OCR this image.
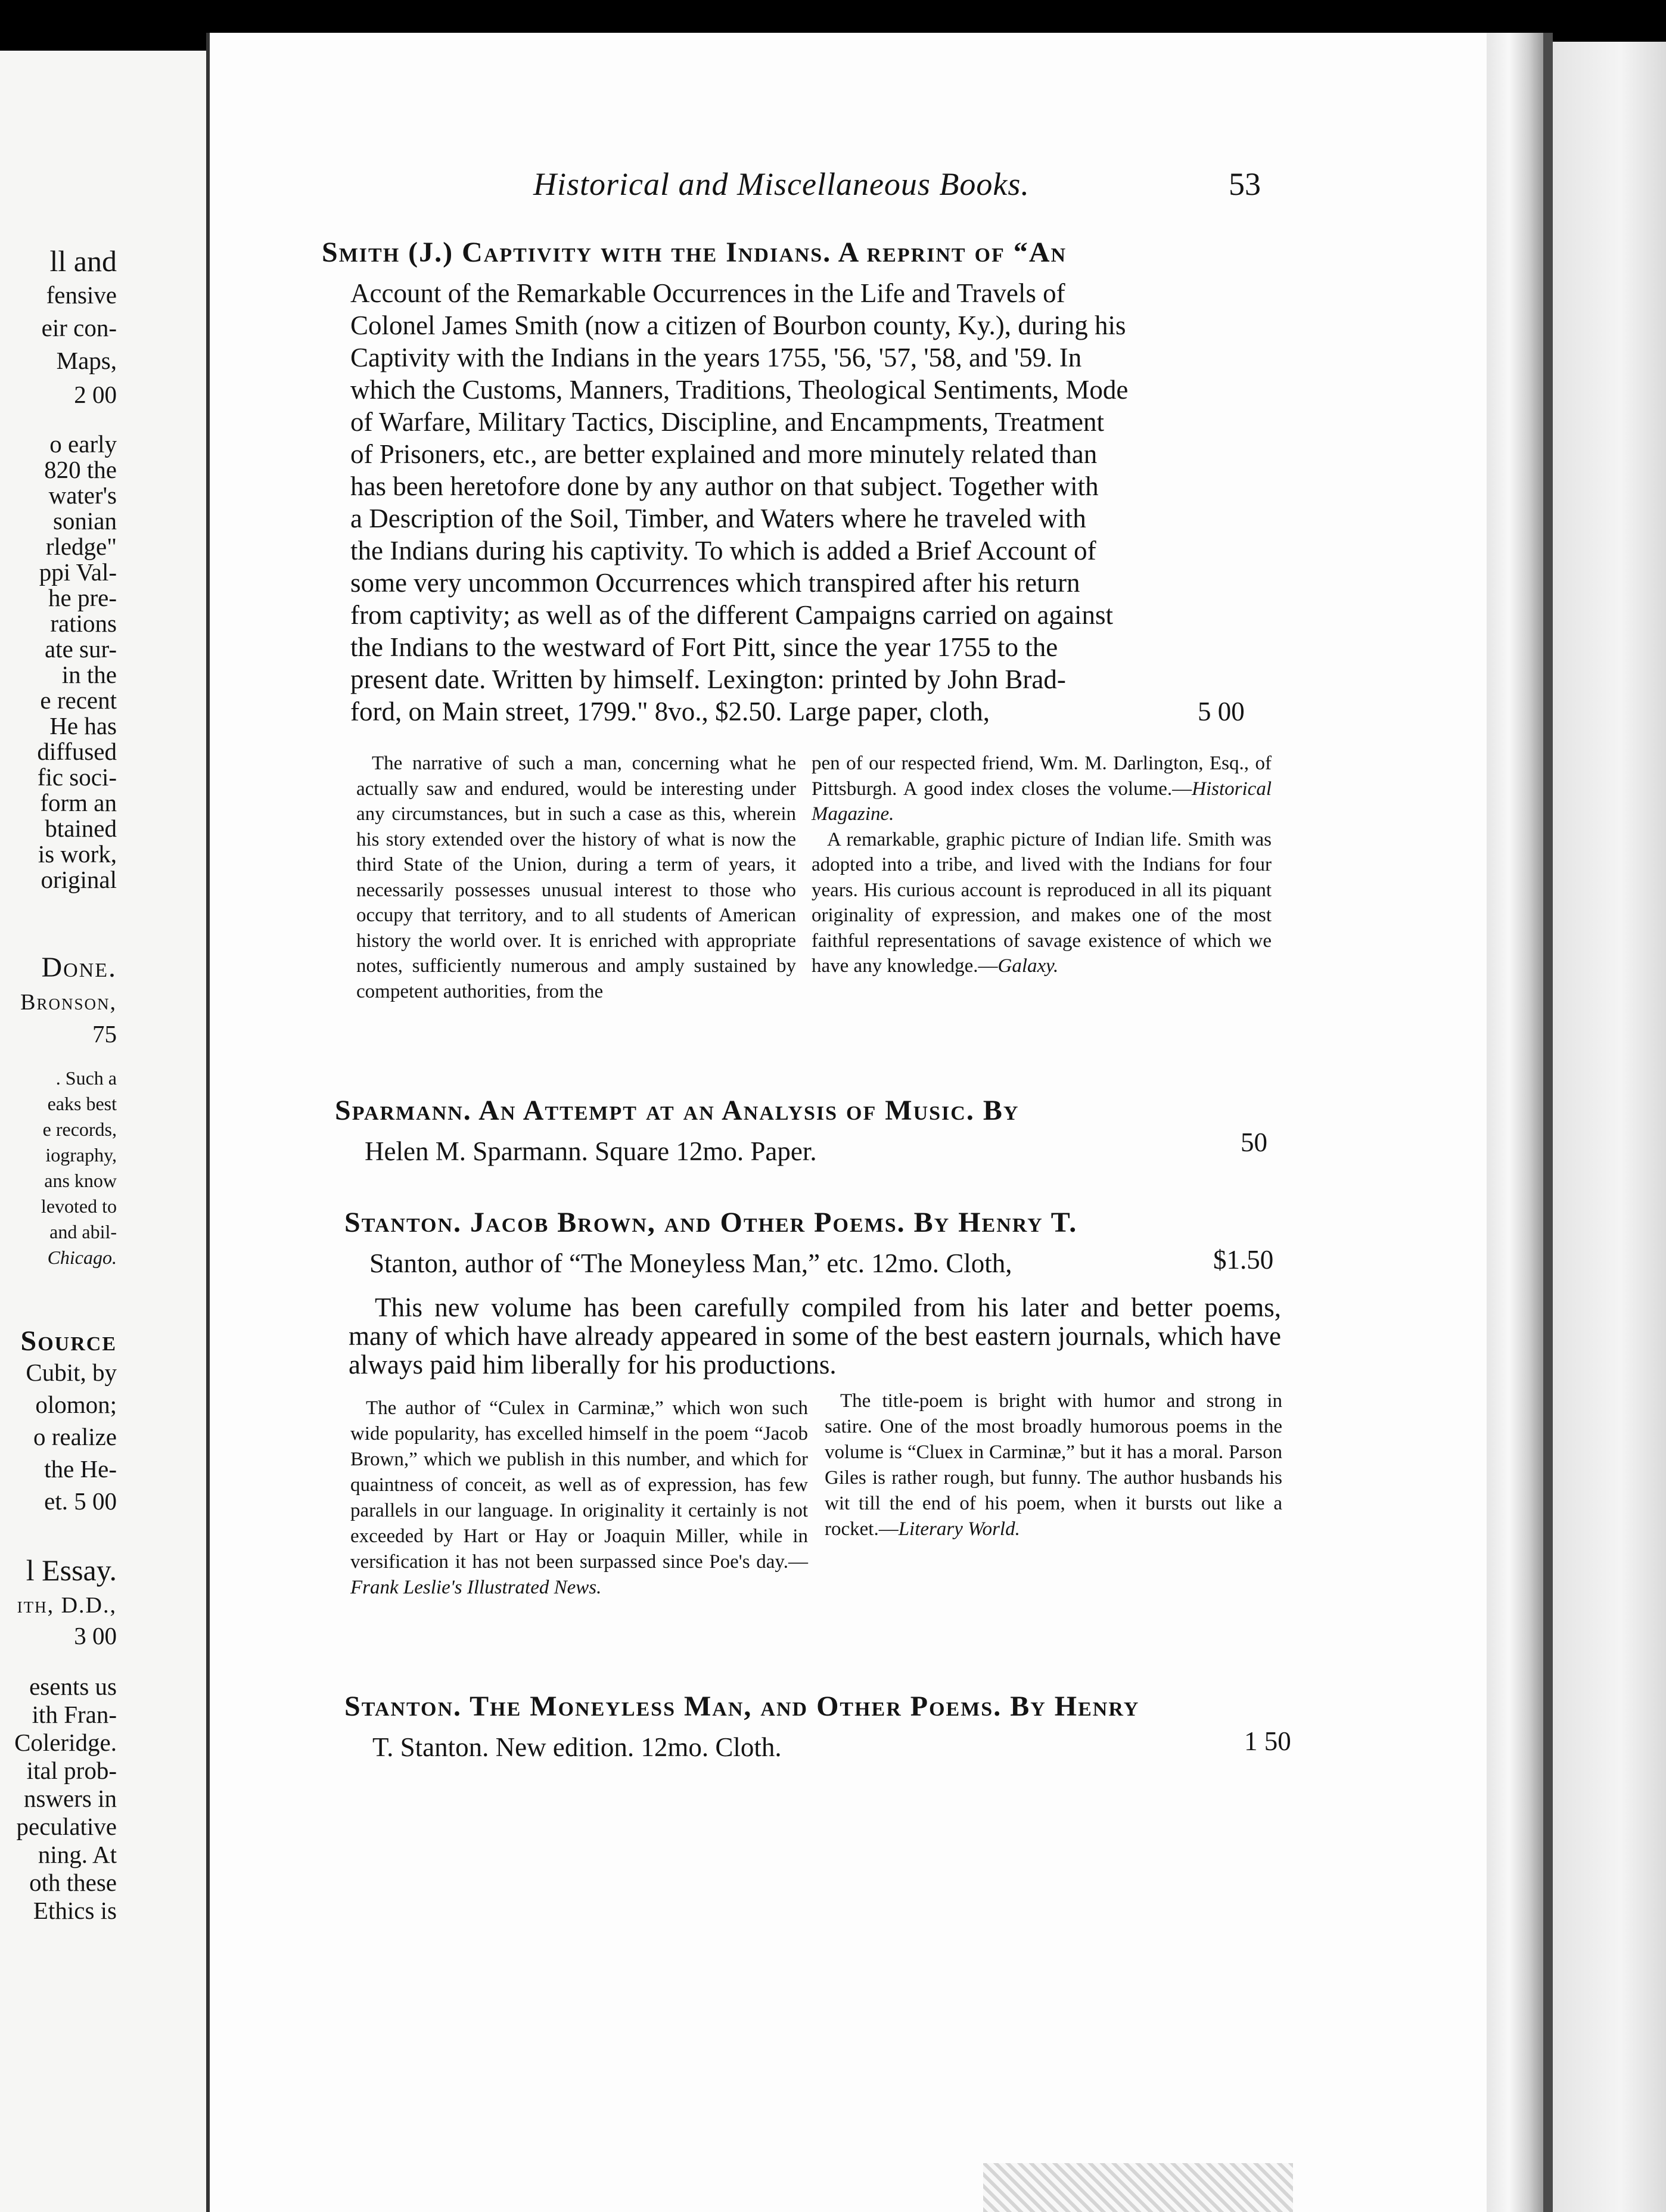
ll and
fensive
eir con-
Maps,
2 00
o early
820 the
water's
sonian
rledge"
ppi Val-
he pre-
rations
ate sur-
in the
e recent
He has
diffused
fic soci-
form an
btained
is work,
original
Done.
Bronson,
75
. Such a
eaks best
e records,
iography,
ans know
levoted to
and abil-
Chicago.
Source
Cubit, by
olomon;
o realize
the He-
et. 5 00
l Essay.
ith, D.D.,
3 00
esents us
ith Fran-
Coleridge.
ital prob-
nswers in
peculative
ning. At
oth these
Ethics is
Historical and Miscellaneous Books.	53
Smith (J.) Captivity with the Indians. A reprint of “An
Account of the Remarkable Occurrences in the Life and Travels of
Colonel James Smith (now a citizen of Bourbon county, Ky.), during his
Captivity with the Indians in the years 1755, '56, '57, '58, and '59. In
which the Customs, Manners, Traditions, Theological Sentiments, Mode
of Warfare, Military Tactics, Discipline, and Encampments, Treatment
of Prisoners, etc., are better explained and more minutely related than
has been heretofore done by any author on that subject. Together with
a Description of the Soil, Timber, and Waters where he traveled with
the Indians during his captivity. To which is added a Brief Account of
some very uncommon Occurrences which transpired after his return
from captivity; as well as of the different Campaigns carried on against
the Indians to the westward of Fort Pitt, since the year 1755 to the
present date. Written by himself. Lexington: printed by John Brad-
ford, on Main street, 1799." 8vo., $2.50. Large paper, cloth,	5 00

The narrative of such a man, concerning what he actually saw and endured, would be interesting under any circumstances, but in such a case as this, wherein his story extended over the history of what is now the third State of the Union, during a term of years, it necessarily possesses unusual interest to those who occupy that territory, and to all students of American history the world over. It is enriched with appropriate notes, sufficiently numerous and amply sustained by competent authorities, from the

pen of our respected friend, Wm. M. Darlington, Esq., of Pittsburgh. A good index closes the volume.—Historical Magazine.

A remarkable, graphic picture of Indian life. Smith was adopted into a tribe, and lived with the Indians for four years. His curious account is reproduced in all its piquant originality of expression, and makes one of the most faithful representations of savage existence of which we have any knowledge.—Galaxy.

Sparmann. An Attempt at an Analysis of Music. By
Helen M. Sparmann. Square 12mo. Paper.	50
Stanton. Jacob Brown, and Other Poems. By Henry T.
Stanton, author of “The Moneyless Man,” etc. 12mo. Cloth,	$1.50

This new volume has been carefully compiled from his later and better poems, many of which have already appeared in some of the best eastern journals, which have always paid him liberally for his productions.

The author of “Culex in Carminæ,” which won such wide popularity, has excelled himself in the poem “Jacob Brown,” which we publish in this number, and which for quaintness of conceit, as well as of expression, has few parallels in our language. In originality it certainly is not exceeded by Hart or Hay or Joaquin Miller, while in versification it has not been surpassed since Poe's day.—Frank Leslie's Illustrated News.

The title-poem is bright with humor and strong in satire. One of the most broadly humorous poems in the volume is “Cluex in Carminæ,” but it has a moral. Parson Giles is rather rough, but funny. The author husbands his wit till the end of his poem, when it bursts out like a rocket.—Literary World.

Stanton. The Moneyless Man, and Other Poems. By Henry
T. Stanton. New edition. 12mo. Cloth.	1 50
